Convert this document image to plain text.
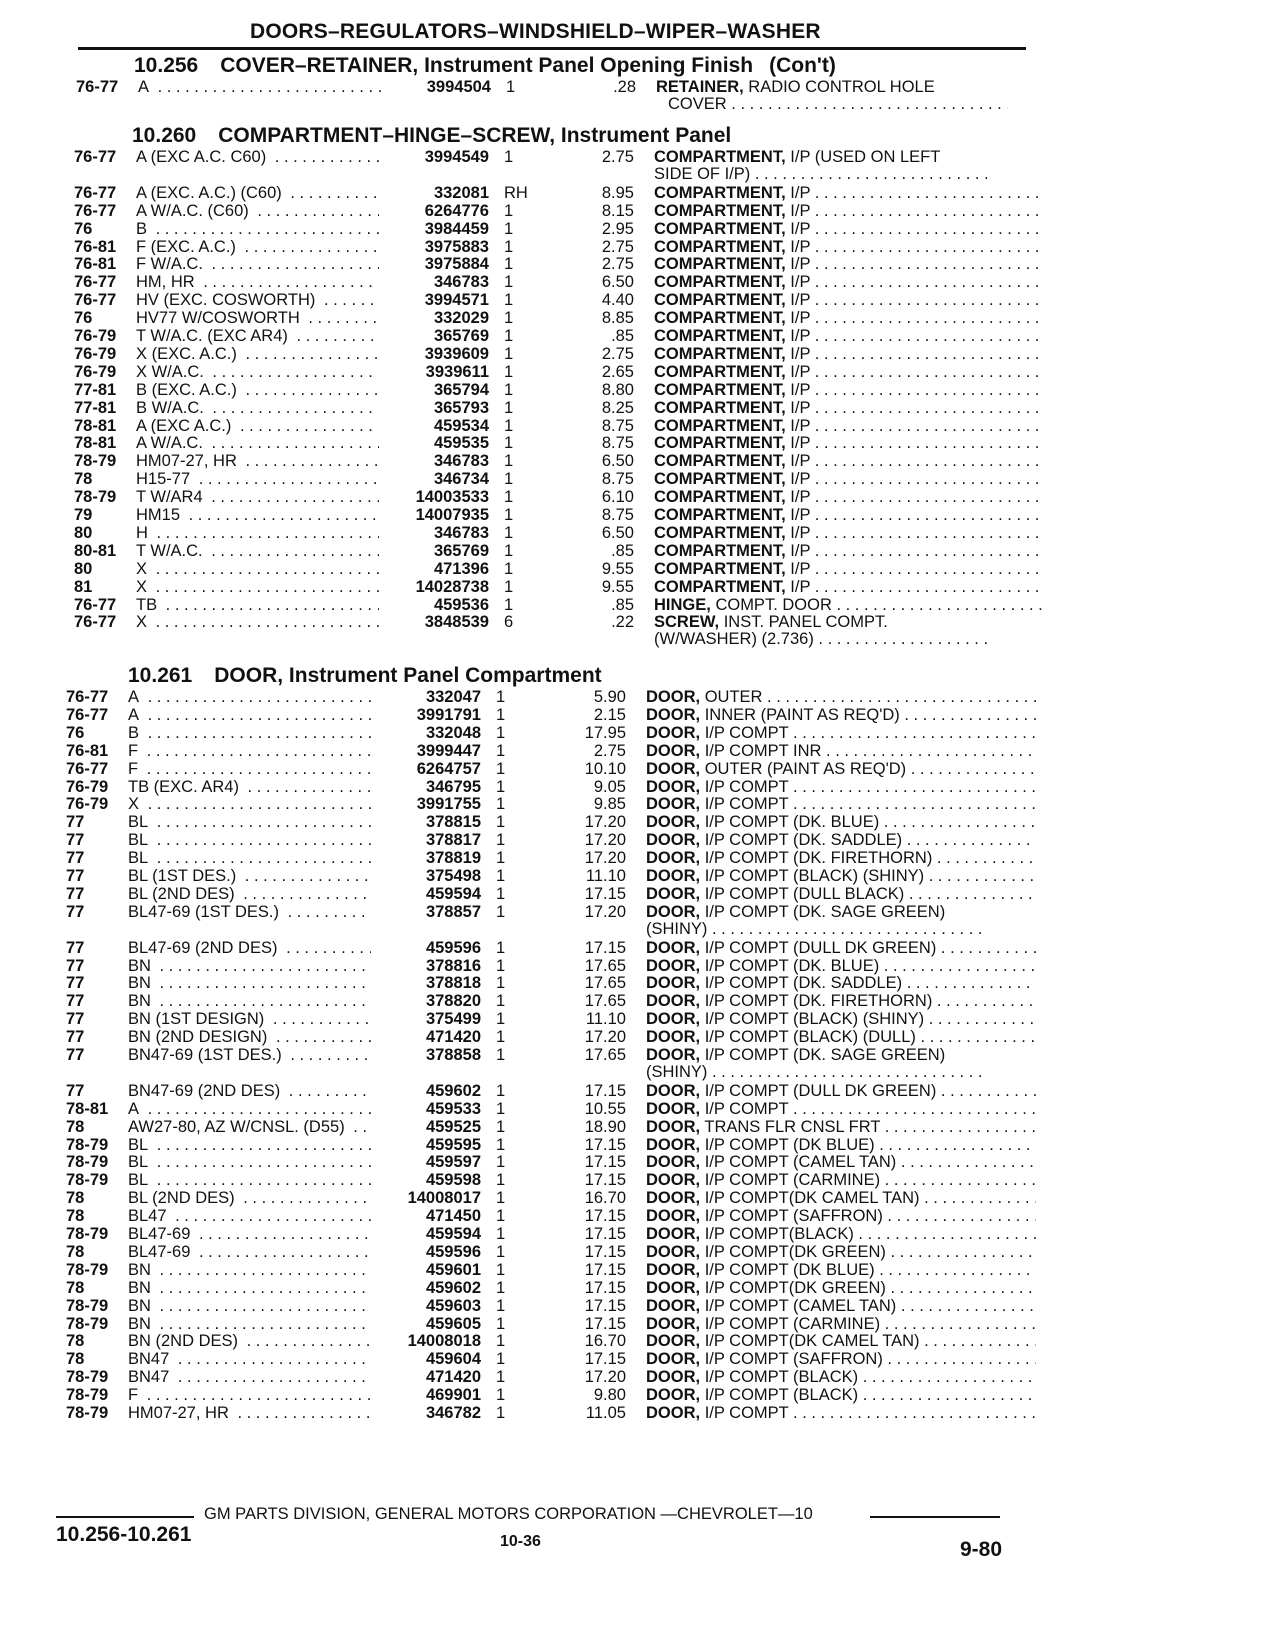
DOORS–REGULATORS–WINDSHIELD–WIPER–WASHER
10.256 COVER–RETAINER, Instrument Panel Opening Finish (Con't)
76-77 A . . .	3994504 1	.28 RETAINER, RADIO CONTROL HOLE
COVER . . .
10.260 COMPARTMENT–HINGE–SCREW, Instrument Panel
76-77 A (EXC A.C. C60) . . .	3994549 1	2.75 COMPARTMENT, I/P (USED ON LEFT
SIDE OF I/P) . . .
76-77 A (EXC. A.C.) (C60) . . .	332081 RH	8.95 COMPARTMENT, I/P . . .
76-77 A W/A.C. (C60) . . .	6264776 1	8.15 COMPARTMENT, I/P . . .
76	B . . .	3984459 1	2.95 COMPARTMENT, I/P . . .
76-81 F (EXC. A.C.) . . .	3975883 1	2.75 COMPARTMENT, I/P . . .
76-81 F W/A.C. . . .	3975884 1	2.75 COMPARTMENT, I/P . . .
76-77 HM, HR . . .	346783 1	6.50 COMPARTMENT, I/P . . .
76-77 HV (EXC. COSWORTH) . . .	3994571 1	4.40 COMPARTMENT, I/P . . .
76	HV77 W/COSWORTH . . .	332029 1	8.85 COMPARTMENT, I/P . . .
76-79 T W/A.C. (EXC AR4) . . .	365769 1	.85 COMPARTMENT, I/P . . .
76-79 X (EXC. A.C.) . . .	3939609 1	2.75 COMPARTMENT, I/P . . .
76-79 X W/A.C. . . .	3939611 1	2.65 COMPARTMENT, I/P . . .
77-81 B (EXC. A.C.) . . .	365794 1	8.80 COMPARTMENT, I/P . . .
77-81 B W/A.C. . . .	365793 1	8.25 COMPARTMENT, I/P . . .
78-81 A (EXC A.C.) . . .	459534 1	8.75 COMPARTMENT, I/P . . .
78-81 A W/A.C. . . .	459535 1	8.75 COMPARTMENT, I/P . . .
78-79 HM07-27, HR . . .	346783 1	6.50 COMPARTMENT, I/P . . .
78	H15-77 . . .	346734 1	8.75 COMPARTMENT, I/P . . .
78-79 T W/AR4 . . .	14003533 1	6.10 COMPARTMENT, I/P . . .
79	HM15 . . .	14007935 1	8.75 COMPARTMENT, I/P . . .
80	H . . .	346783 1	6.50 COMPARTMENT, I/P . . .
80-81 T W/A.C. . . .	365769 1	.85 COMPARTMENT, I/P . . .
80	X . . .	471396 1	9.55 COMPARTMENT, I/P . . .
81	X . . .	14028738 1	9.55 COMPARTMENT, I/P . . .
76-77 TB . . .	459536 1	.85 HINGE, COMPT. DOOR . . .
76-77 X . . .	3848539 6	.22 SCREW, INST. PANEL COMPT.
(W/WASHER) (2.736) . . .
10.261 DOOR, Instrument Panel Compartment
76-77 A . . .	332047 1	5.90 DOOR, OUTER . . .
76-77 A . . .	3991791 1	2.15 DOOR, INNER (PAINT AS REQ'D) . . .
76	B . . .	332048 1	17.95 DOOR, I/P COMPT . . .
76-81 F . . .	3999447 1	2.75 DOOR, I/P COMPT INR . . .
76-77 F . . .	6264757 1	10.10 DOOR, OUTER (PAINT AS REQ'D) . . .
76-79 TB (EXC. AR4) . . .	346795 1	9.05 DOOR, I/P COMPT . . .
76-79 X . . .	3991755 1	9.85 DOOR, I/P COMPT . . .
77	BL . . .	378815 1	17.20 DOOR, I/P COMPT (DK. BLUE) . . .
77	BL . . .	378817 1	17.20 DOOR, I/P COMPT (DK. SADDLE) . . .
77	BL . . .	378819 1	17.20 DOOR, I/P COMPT (DK. FIRETHORN) . . .
77	BL (1ST DES.) . . .	375498 1	11.10 DOOR, I/P COMPT (BLACK) (SHINY) . . .
77	BL (2ND DES) . . .	459594 1	17.15 DOOR, I/P COMPT (DULL BLACK) . . .
77	BL47-69 (1ST DES.) . . .	378857 1	17.20 DOOR, I/P COMPT (DK. SAGE GREEN)
(SHINY) . . .
77	BL47-69 (2ND DES) . . .	459596 1	17.15 DOOR, I/P COMPT (DULL DK GREEN) . . .
77	BN . . .	378816 1	17.65 DOOR, I/P COMPT (DK. BLUE) . . .
77	BN . . .	378818 1	17.65 DOOR, I/P COMPT (DK. SADDLE) . . .
77	BN . . .	378820 1	17.65 DOOR, I/P COMPT (DK. FIRETHORN) . . .
77	BN (1ST DESIGN) . . .	375499 1	11.10 DOOR, I/P COMPT (BLACK) (SHINY) . . .
77	BN (2ND DESIGN) . . .	471420 1	17.20 DOOR, I/P COMPT (BLACK) (DULL) . . .
77	BN47-69 (1ST DES.) . . .	378858 1	17.65 DOOR, I/P COMPT (DK. SAGE GREEN)
(SHINY) . . .
77	BN47-69 (2ND DES) . . .	459602 1	17.15 DOOR, I/P COMPT (DULL DK GREEN) . . .
78-81 A . . .	459533 1	10.55 DOOR, I/P COMPT . . .
78	AW27-80, AZ W/CNSL. (D55) . . .	459525 1	18.90 DOOR, TRANS FLR CNSL FRT . . .
78-79 BL . . .	459595 1	17.15 DOOR, I/P COMPT (DK BLUE) . . .
78-79 BL . . .	459597 1	17.15 DOOR, I/P COMPT (CAMEL TAN) . . .
78-79 BL . . .	459598 1	17.15 DOOR, I/P COMPT (CARMINE) . . .
78	BL (2ND DES) . . .	14008017 1	16.70 DOOR, I/P COMPT(DK CAMEL TAN) . . .
78	BL47 . . .	471450 1	17.15 DOOR, I/P COMPT (SAFFRON) . . .
78-79 BL47-69 . . .	459594 1	17.15 DOOR, I/P COMPT(BLACK) . . .
78	BL47-69 . . .	459596 1	17.15 DOOR, I/P COMPT(DK GREEN) . . .
78-79 BN . . .	459601 1	17.15 DOOR, I/P COMPT (DK BLUE) . . .
78	BN . . .	459602 1	17.15 DOOR, I/P COMPT(DK GREEN) . . .
78-79 BN . . .	459603 1	17.15 DOOR, I/P COMPT (CAMEL TAN) . . .
78-79 BN . . .	459605 1	17.15 DOOR, I/P COMPT (CARMINE) . . .
78	BN (2ND DES) . . .	14008018 1	16.70 DOOR, I/P COMPT(DK CAMEL TAN) . . .
78	BN47 . . .	459604 1	17.15 DOOR, I/P COMPT (SAFFRON) . . .
78-79 BN47 . . .	471420 1	17.20 DOOR, I/P COMPT (BLACK) . . .
78-79 F . . .	469901 1	9.80 DOOR, I/P COMPT (BLACK) . . .
78-79 HM07-27, HR . . .	346782 1	11.05 DOOR, I/P COMPT . . .
GM PARTS DIVISION, GENERAL MOTORS CORPORATION —CHEVROLET—10
10.256-10.261	10-36	9-80
